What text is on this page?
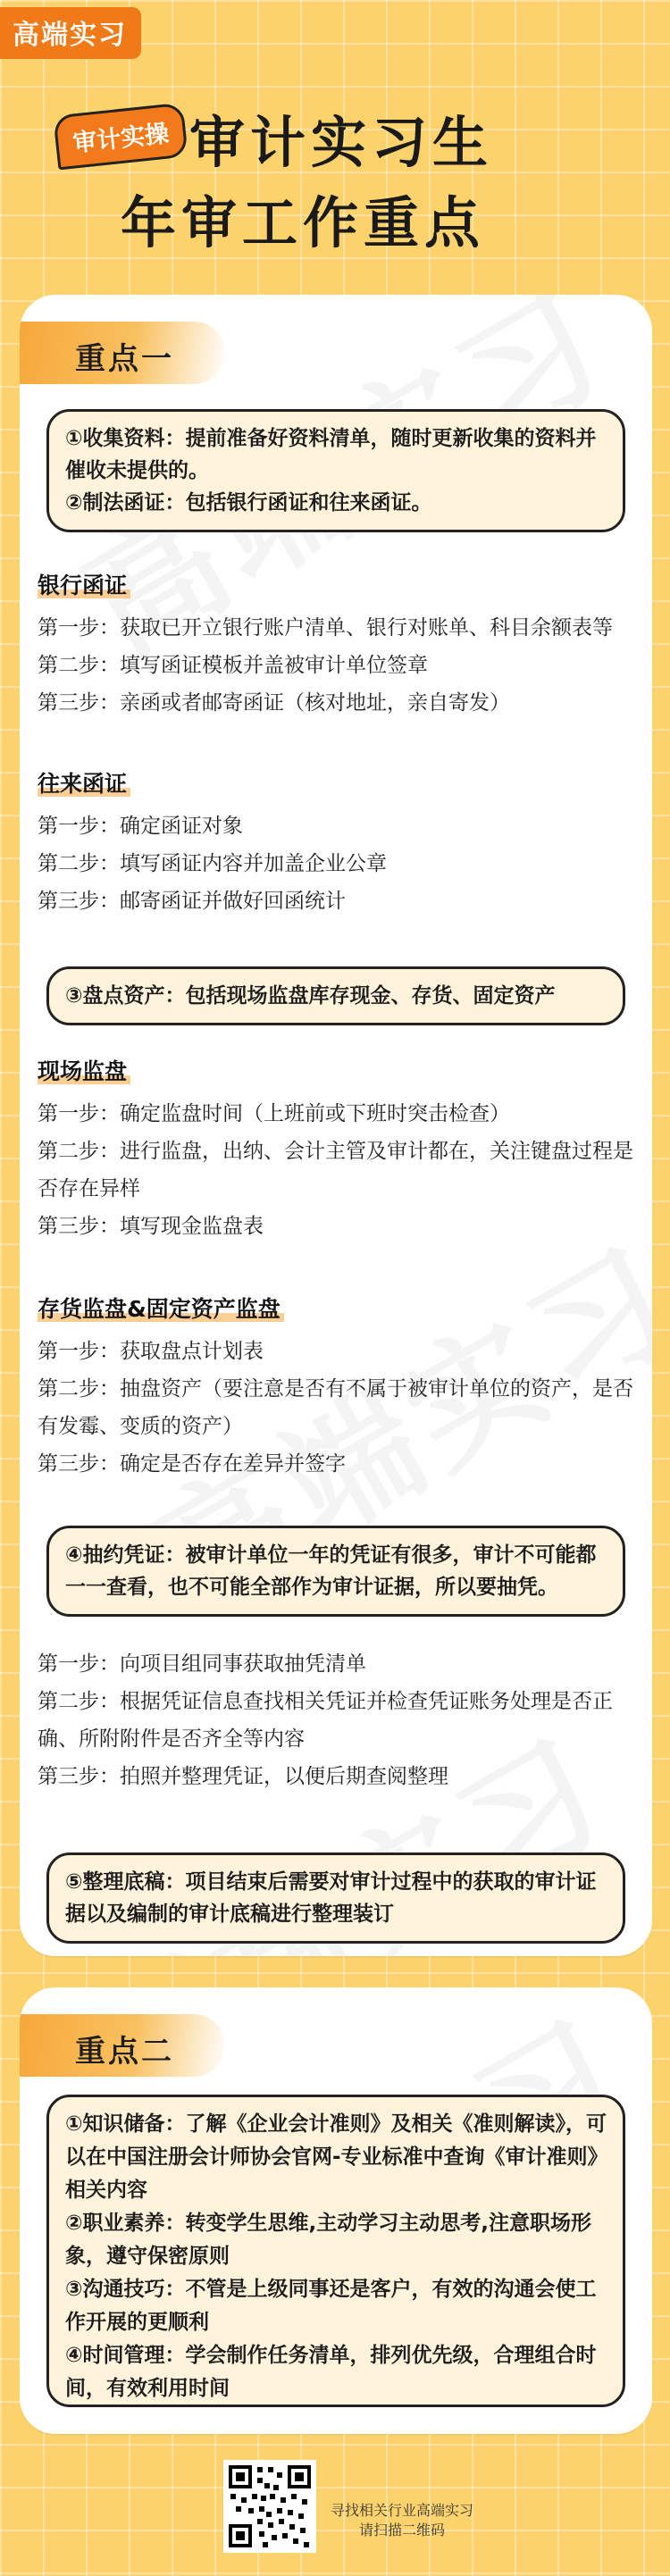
高端实习
审计实操 审计实习生
年审工作重点
重点一

①收集资料：提前准备好资料清单，随时更新收集的资料并催收未提供的。

②制法函证：包括银行函证和往来函证。

银行函证

第一步：获取已开立银行账户清单、银行对账单、科目余额表等

第二步：填写函证模板并盖被审计单位签章

第三步：亲函或者邮寄函证（核对地址，亲自寄发）

往来函证

第一步：确定函证对象

第二步：填写函证内容并加盖企业公章

第三步：邮寄函证并做好回函统计

③盘点资产：包括现场监盘库存现金、存货、固定资产

现场监盘

第一步：确定监盘时间（上班前或下班时突击检查）

第二步：进行监盘，出纳、会计主管及审计都在，关注键盘过程是否存在异样

第三步：填写现金监盘表

存货监盘&固定资产监盘

第一步：获取盘点计划表

第二步：抽盘资产（要注意是否有不属于被审计单位的资产，是否有发霉、变质的资产）

第三步：确定是否存在差异并签字

④抽约凭证：被审计单位一年的凭证有很多，审计不可能都一一查看，也不可能全部作为审计证据，所以要抽凭。

第一步：向项目组同事获取抽凭清单

第二步：根据凭证信息查找相关凭证并检查凭证账务处理是否正确、所附附件是否齐全等内容

第三步：拍照并整理凭证，以便后期查阅整理

⑤整理底稿：项目结束后需要对审计过程中的获取的审计证据以及编制的审计底稿进行整理装订

重点二

①知识储备：了解《企业会计准则》及相关《准则解读》，可以在中国注册会计师协会官网-专业标准中查询《审计准则》相关内容

②职业素养：转变学生思维,主动学习主动思考,注意职场形象，遵守保密原则

③沟通技巧：不管是上级同事还是客户，有效的沟通会使工作开展的更顺利

④时间管理：学会制作任务清单，排列优先级，合理组合时间，有效利用时间

寻找相关行业高端实习
请扫描二维码
